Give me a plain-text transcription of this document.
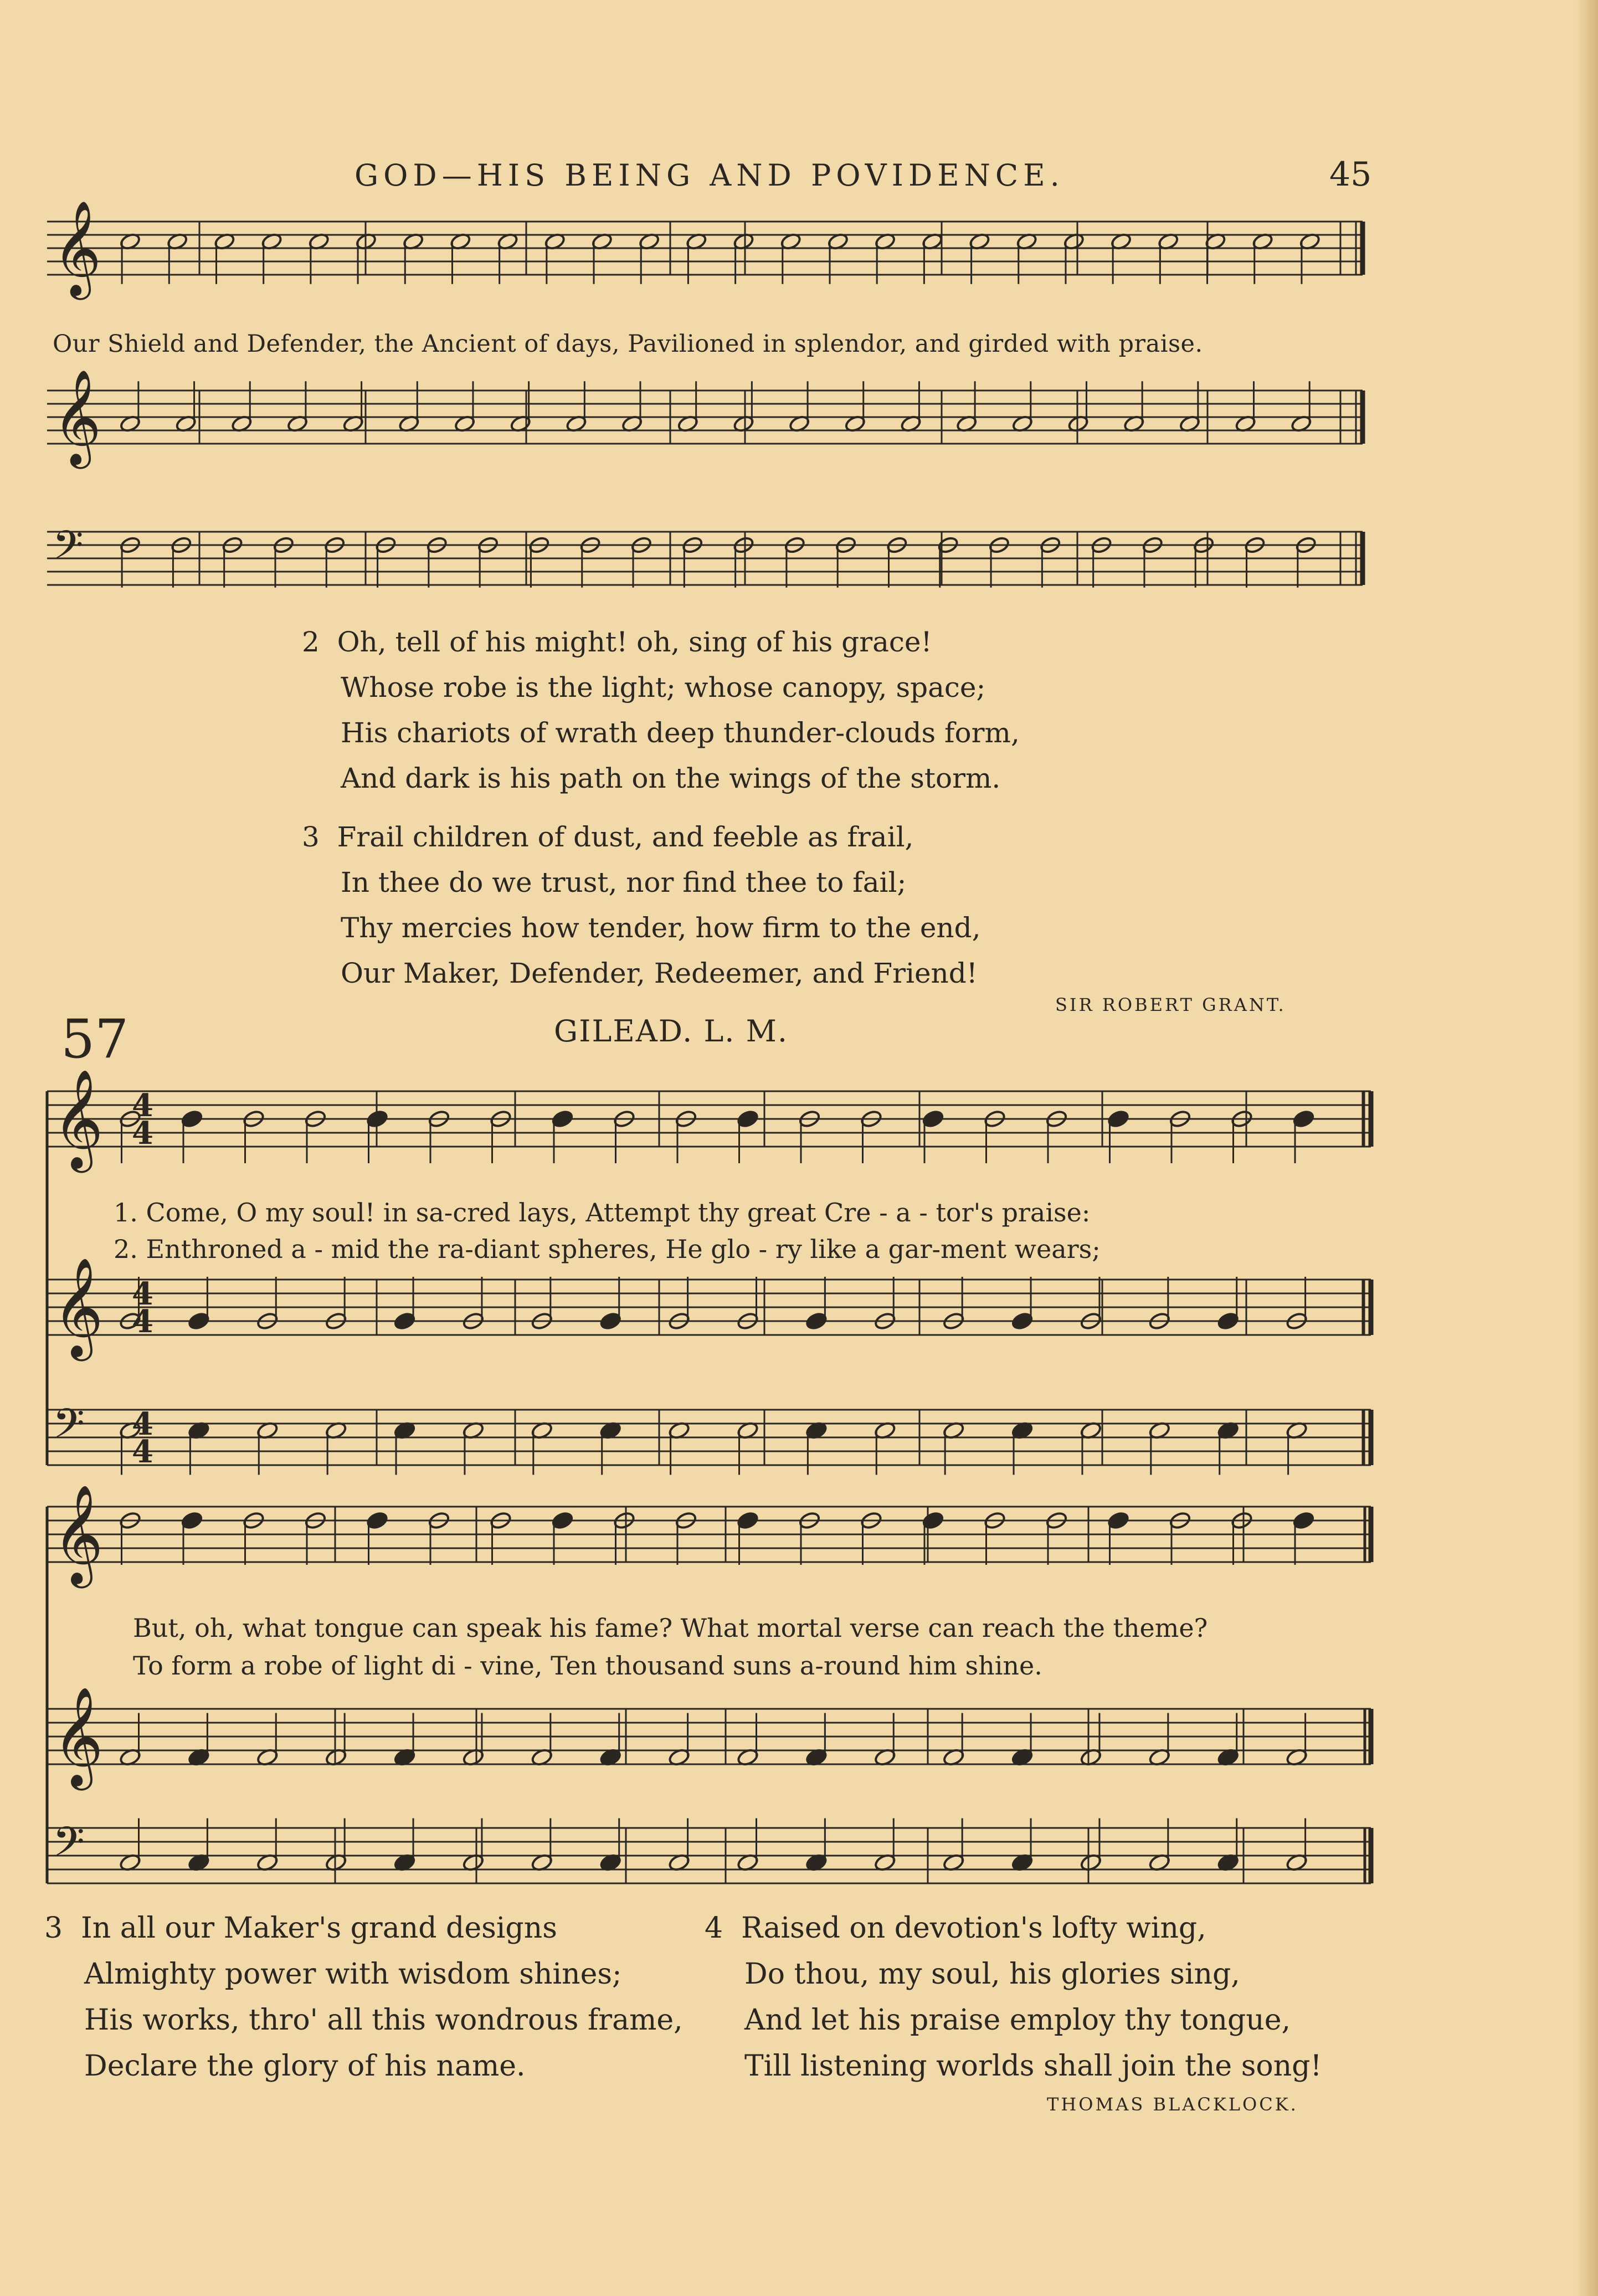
GOD—HIS BEING AND POVIDENCE.	45
𝄞
𝄞
𝄢
𝄞
𝄞
𝄢
𝄞
𝄞
𝄢
4
4
4
4
4
4
Our Shield and Defender, the Ancient of days, Pavilioned in splendor, and girded with praise.
2 Oh, tell of his might! oh, sing of his grace!
Whose robe is the light; whose canopy, space;
His chariots of wrath deep thunder-clouds form,
And dark is his path on the wings of the storm.
3 Frail children of dust, and feeble as frail,
In thee do we trust, nor find thee to fail;
Thy mercies how tender, how firm to the end,
Our Maker, Defender, Redeemer, and Friend!
SIR ROBERT GRANT.
57	GILEAD. L. M.
1. Come, O my soul! in sa-cred lays, Attempt thy great Cre - a - tor's praise:
2. Enthroned a - mid the ra-diant spheres, He glo - ry like a gar-ment wears;
But, oh, what tongue can speak his fame? What mortal verse can reach the theme?
To form a robe of light di - vine, Ten thousand suns a-round him shine.
3 In all our Maker's grand designs
Almighty power with wisdom shines;
His works, thro' all this wondrous frame,
Declare the glory of his name.
4 Raised on devotion's lofty wing,
Do thou, my soul, his glories sing,
And let his praise employ thy tongue,
Till listening worlds shall join the song!
THOMAS BLACKLOCK.
